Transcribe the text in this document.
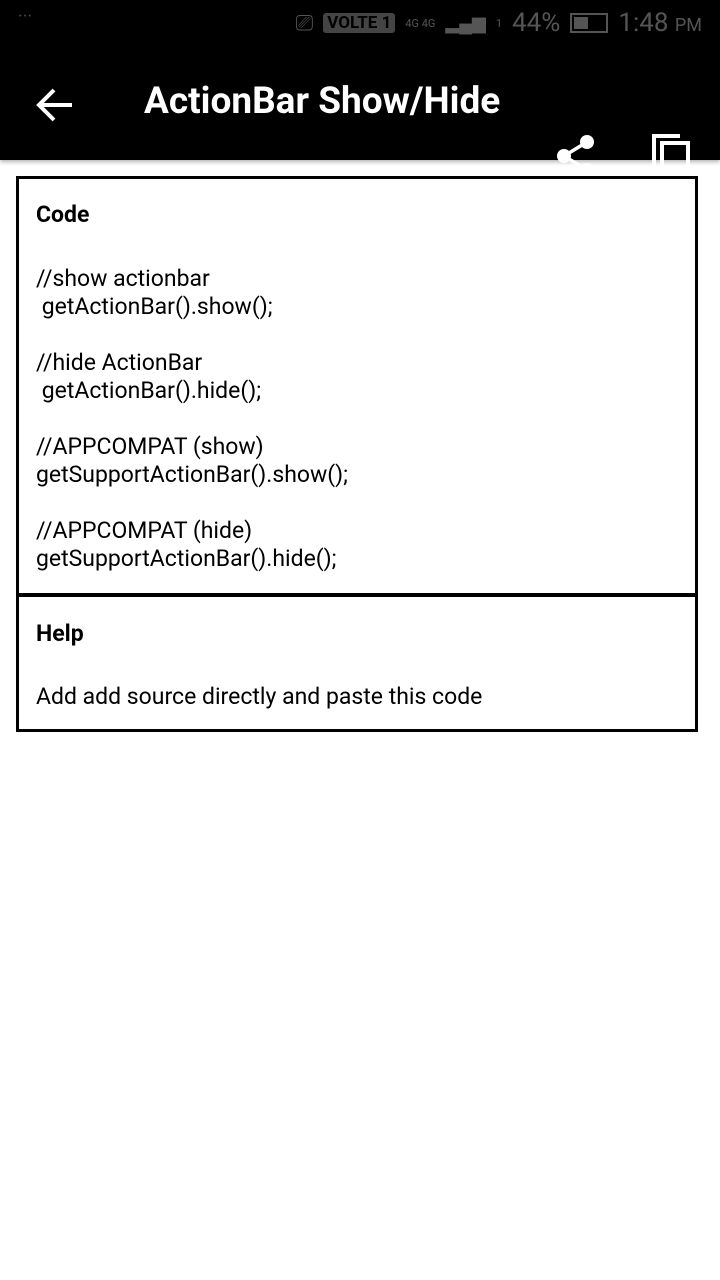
···	⎚ VOLTE 1	4G 4G ▂▄▆ 1 44% 1:48 PM
ActionBar Show/Hide
Code

//show actionbar
getActionBar().show();

//hide ActionBar
getActionBar().hide();

//APPCOMPAT (show)
getSupportActionBar().show();

//APPCOMPAT (hide)
getSupportActionBar().hide();

Help

Add add source directly and paste this code
